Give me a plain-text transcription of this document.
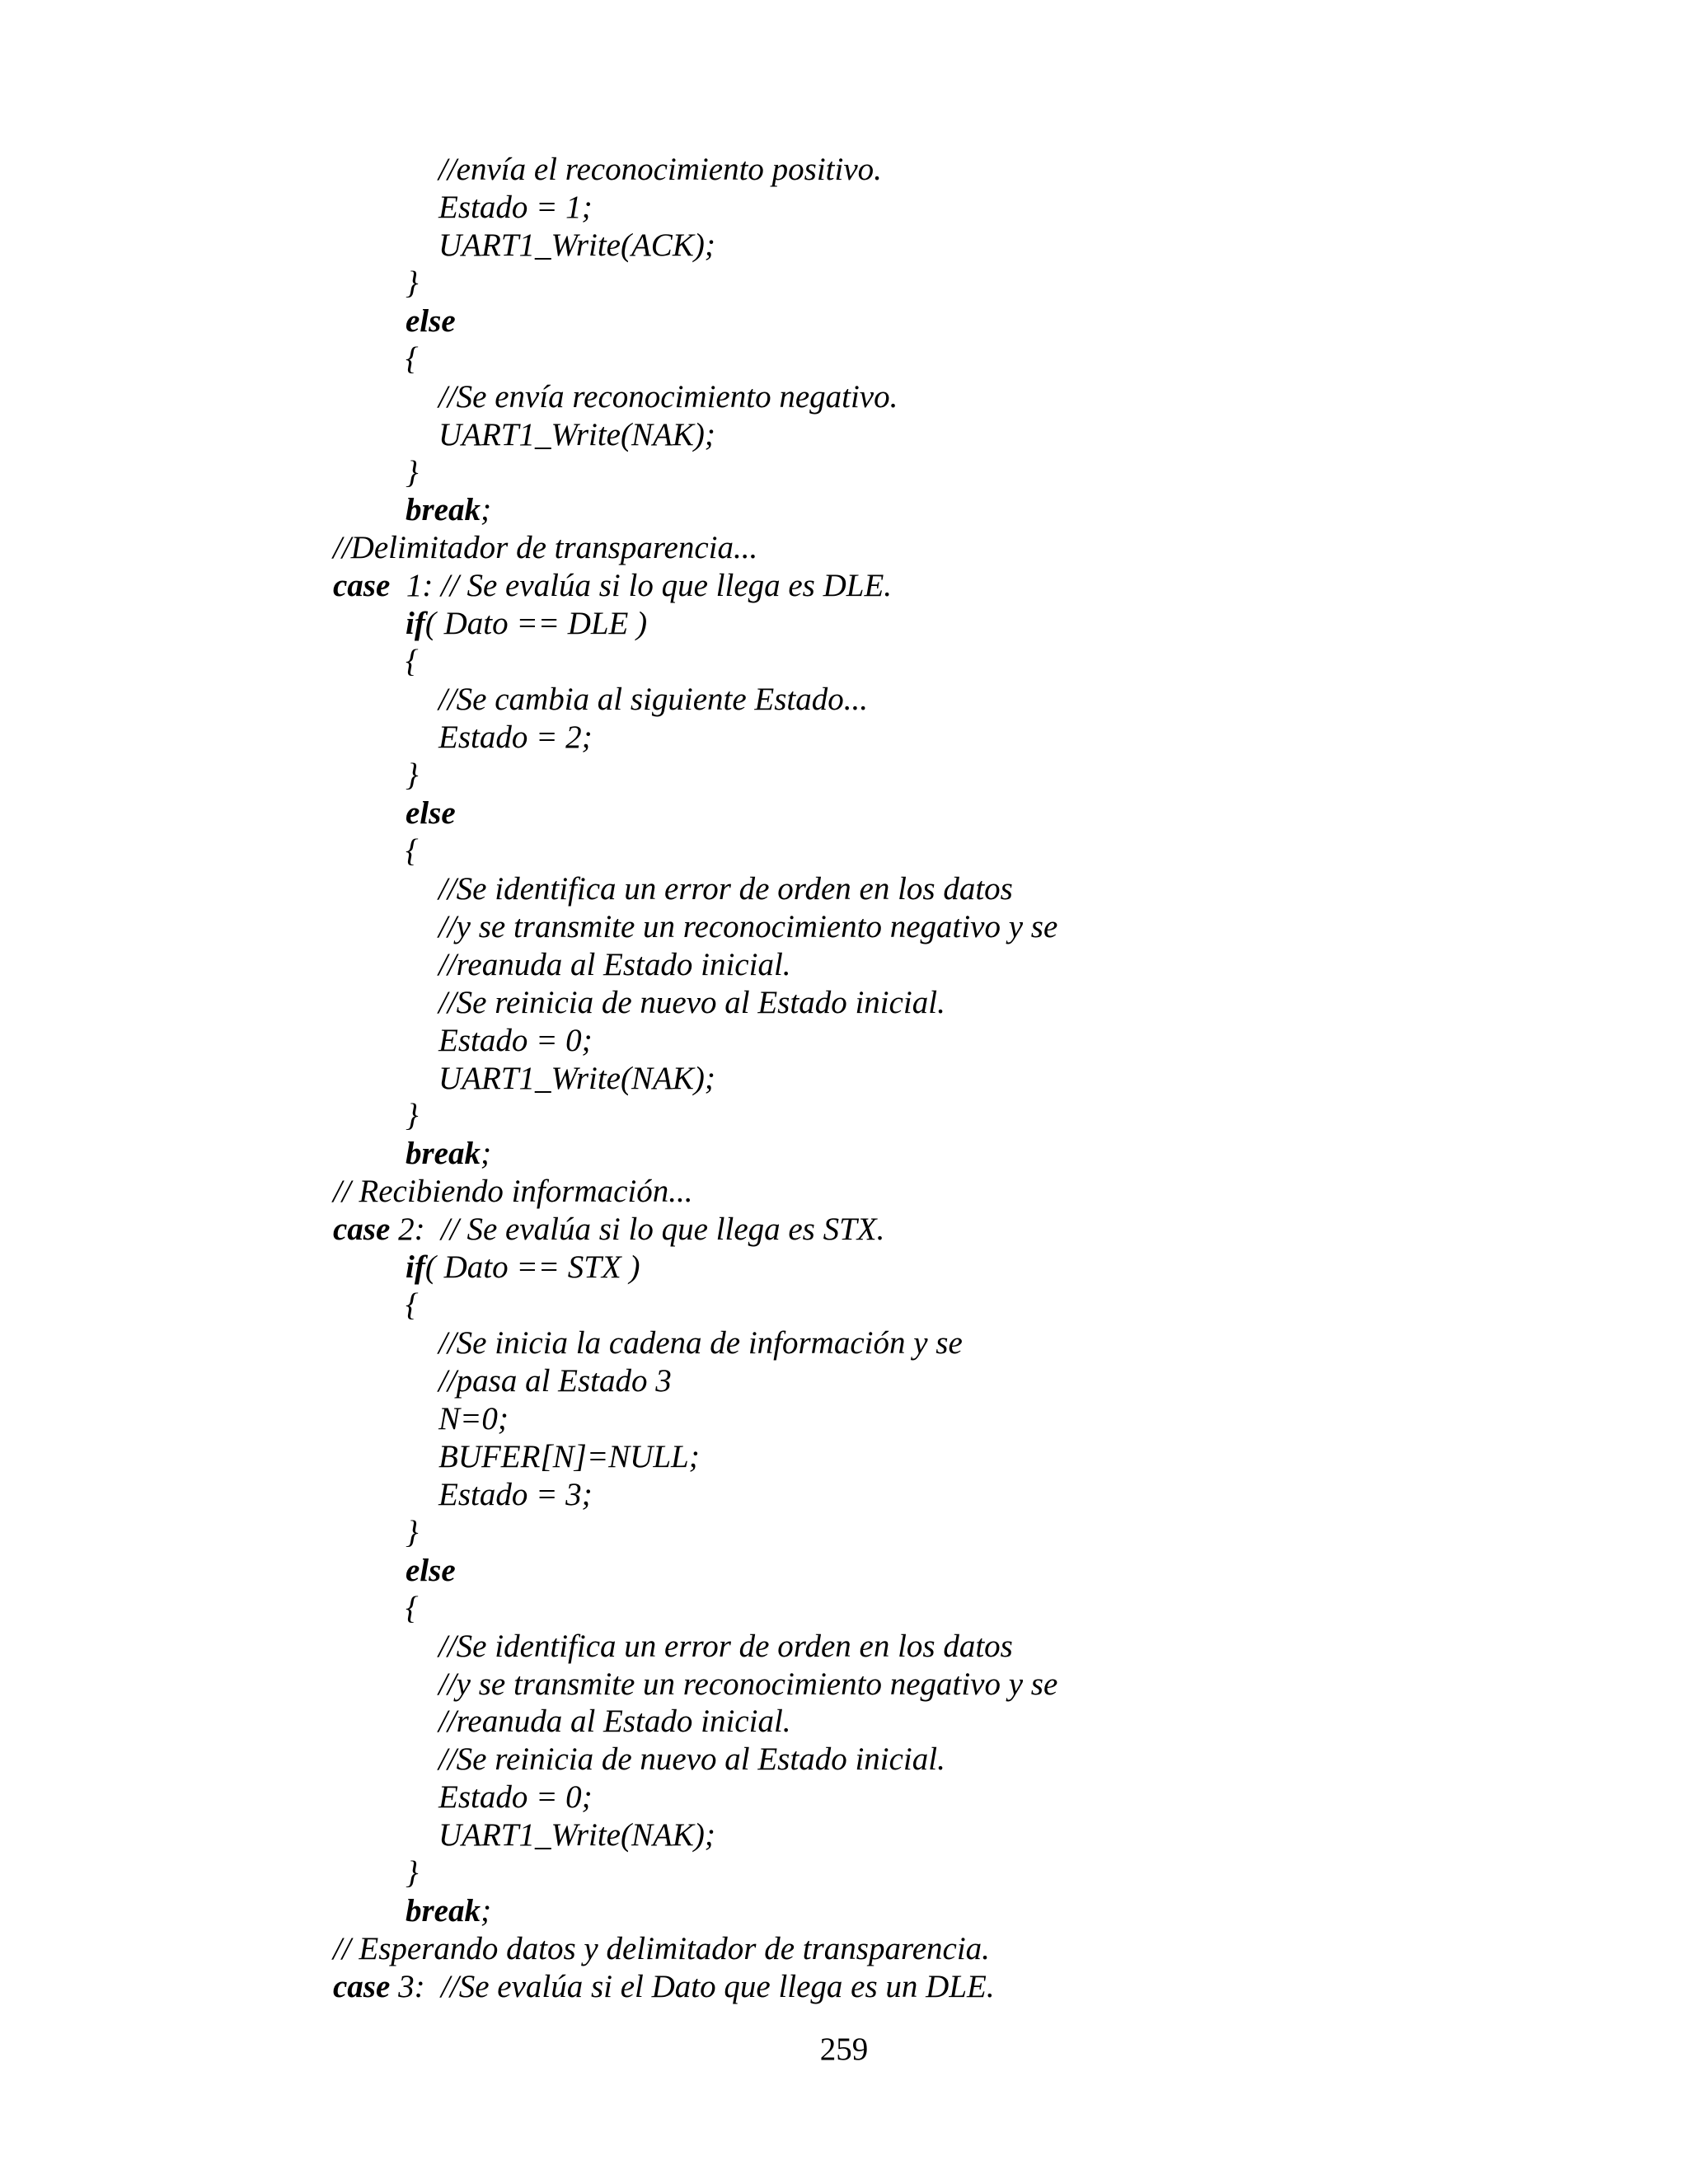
//envía el reconocimiento positivo.
Estado = 1;
UART1_Write(ACK);
}
else
{
//Se envía reconocimiento negativo.
UART1_Write(NAK);
}
break;
//Delimitador de transparencia...
case  1: // Se evalúa si lo que llega es DLE.
if( Dato == DLE )
{
//Se cambia al siguiente Estado...
Estado = 2;
}
else
{
//Se identifica un error de orden en los datos
//y se transmite un reconocimiento negativo y se
//reanuda al Estado inicial.
//Se reinicia de nuevo al Estado inicial.
Estado = 0;
UART1_Write(NAK);
}
break;
// Recibiendo información...
case 2:  // Se evalúa si lo que llega es STX.
if( Dato == STX )
{
//Se inicia la cadena de información y se
//pasa al Estado 3
N=0;
BUFER[N]=NULL;
Estado = 3;
}
else
{
//Se identifica un error de orden en los datos
//y se transmite un reconocimiento negativo y se
//reanuda al Estado inicial.
//Se reinicia de nuevo al Estado inicial.
Estado = 0;
UART1_Write(NAK);
}
break;
// Esperando datos y delimitador de transparencia.
case 3:  //Se evalúa si el Dato que llega es un DLE.
259
